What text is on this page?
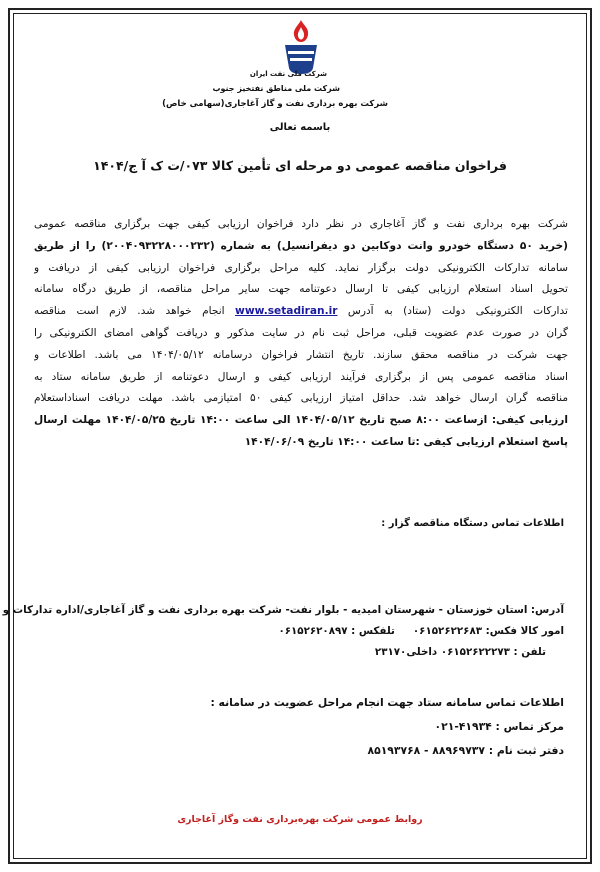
شرکت ملی نفت ایران
شرکت ملی مناطق نفتخیز جنوب
شرکت بهره برداری نفت و گاز آغاجاری(سهامی خاص)
باسمه تعالی
فراخوان مناقصه عمومی دو مرحله ای تأمین کالا ۰۷۳/ت ک آ ج/۱۴۰۴
شرکت بهره برداری نفت و گاز آغاجاری در نظر دارد فراخوان ارزیابی کیفی جهت برگزاری مناقصه عمومی
(خرید ۵۰ دستگاه خودرو وانت دوکابین دو دیفرانسیل) به شماره (۲۰۰۴۰۹۳۲۲۸۰۰۰۲۳۲) را از طریق
سامانه تدارکات الکترونیکی دولت برگزار نماید. کلیه مراحل برگزاری فراخوان ارزیابی کیفی از دریافت و
تحویل اسناد استعلام ارزیابی کیفی تا ارسال دعوتنامه جهت سایر مراحل مناقصه، از طریق درگاه سامانه
تدارکات الکترونیکی دولت (ستاد) به آدرس www.setadiran.ir انجام خواهد شد. لازم است مناقصه
گران در صورت عدم عضویت قبلی، مراحل ثبت نام در سایت مذکور و دریافت گواهی امضای الکترونیکی را
جهت شرکت در مناقصه محقق سازند. تاریخ انتشار فراخوان درسامانه ۱۴۰۴/۰۵/۱۲ می باشد. اطلاعات و
اسناد مناقصه عمومی پس از برگزاری فرآیند ارزیابی کیفی و ارسال دعوتنامه از طریق سامانه ستاد به
مناقصه گران ارسال خواهد شد. حداقل امتیاز ارزیابی کیفی ۵۰ امتیازمی باشد. مهلت دریافت اسناداستعلام
ارزیابی کیفی: ازساعت ۸:۰۰ صبح تاریخ ۱۴۰۴/۰۵/۱۲ الی ساعت ۱۴:۰۰ تاریخ ۱۴۰۴/۰۵/۲۵ مهلت ارسال
پاسخ استعلام ارزیابی کیفی :تا ساعت ۱۴:۰۰ تاریخ ۱۴۰۴/۰۶/۰۹
اطلاعات تماس دستگاه مناقصه گزار :
آدرس: استان خوزستان - شهرستان امیدیه - بلوار نفت- شرکت بهره برداری نفت و گاز آغاجاری/اداره تدارکات و
امور کالا فکس: ۰۶۱۵۲۶۲۲۶۸۳تلفکس : ۰۶۱۵۲۶۲۰۸۹۷
تلفن : ۰۶۱۵۲۶۲۲۲۷۳ داخلی۲۳۱۷۰
اطلاعات تماس سامانه ستاد جهت انجام مراحل عضویت در سامانه :
مرکز تماس : ۴۱۹۳۴-۰۲۱
دفتر ثبت نام : ۸۸۹۶۹۷۳۷ - ۸۵۱۹۳۷۶۸
روابط عمومی شرکت بهره‌برداری نفت وگاز آغاجاری
